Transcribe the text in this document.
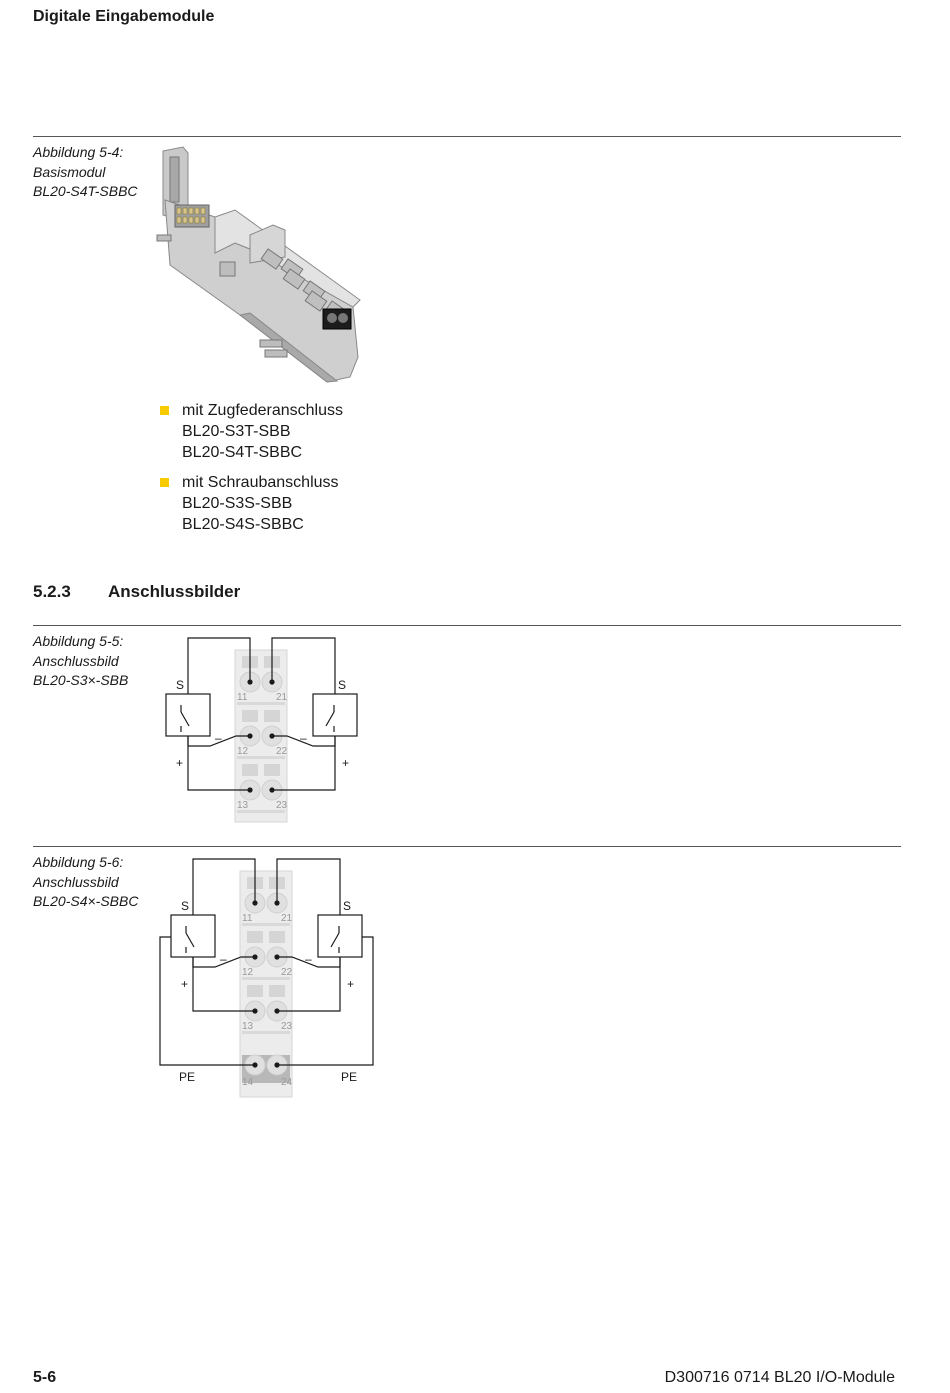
Digitale Eingabemodule
Abbildung 5-4:
Basismodul
BL20-S4T-SBBC
mit Zugfederanschluss
BL20-S3T-SBB
BL20-S4T-SBBC
mit Schraubanschluss
BL20-S3S-SBB
BL20-S4S-SBBC
5.2.3 Anschlussbilder
Abbildung 5-5:
Anschlussbild
BL20-S3×-SBB
11	21
12	22
13	23
S	S
+	+
–	–
Abbildung 5-6:
Anschlussbild
BL20-S4×-SBBC
11	21
12	22
13	23
14	24
S	S
+	+
–	–
PE	PE
5-6	D300716 0714 BL20 I/O-Module
